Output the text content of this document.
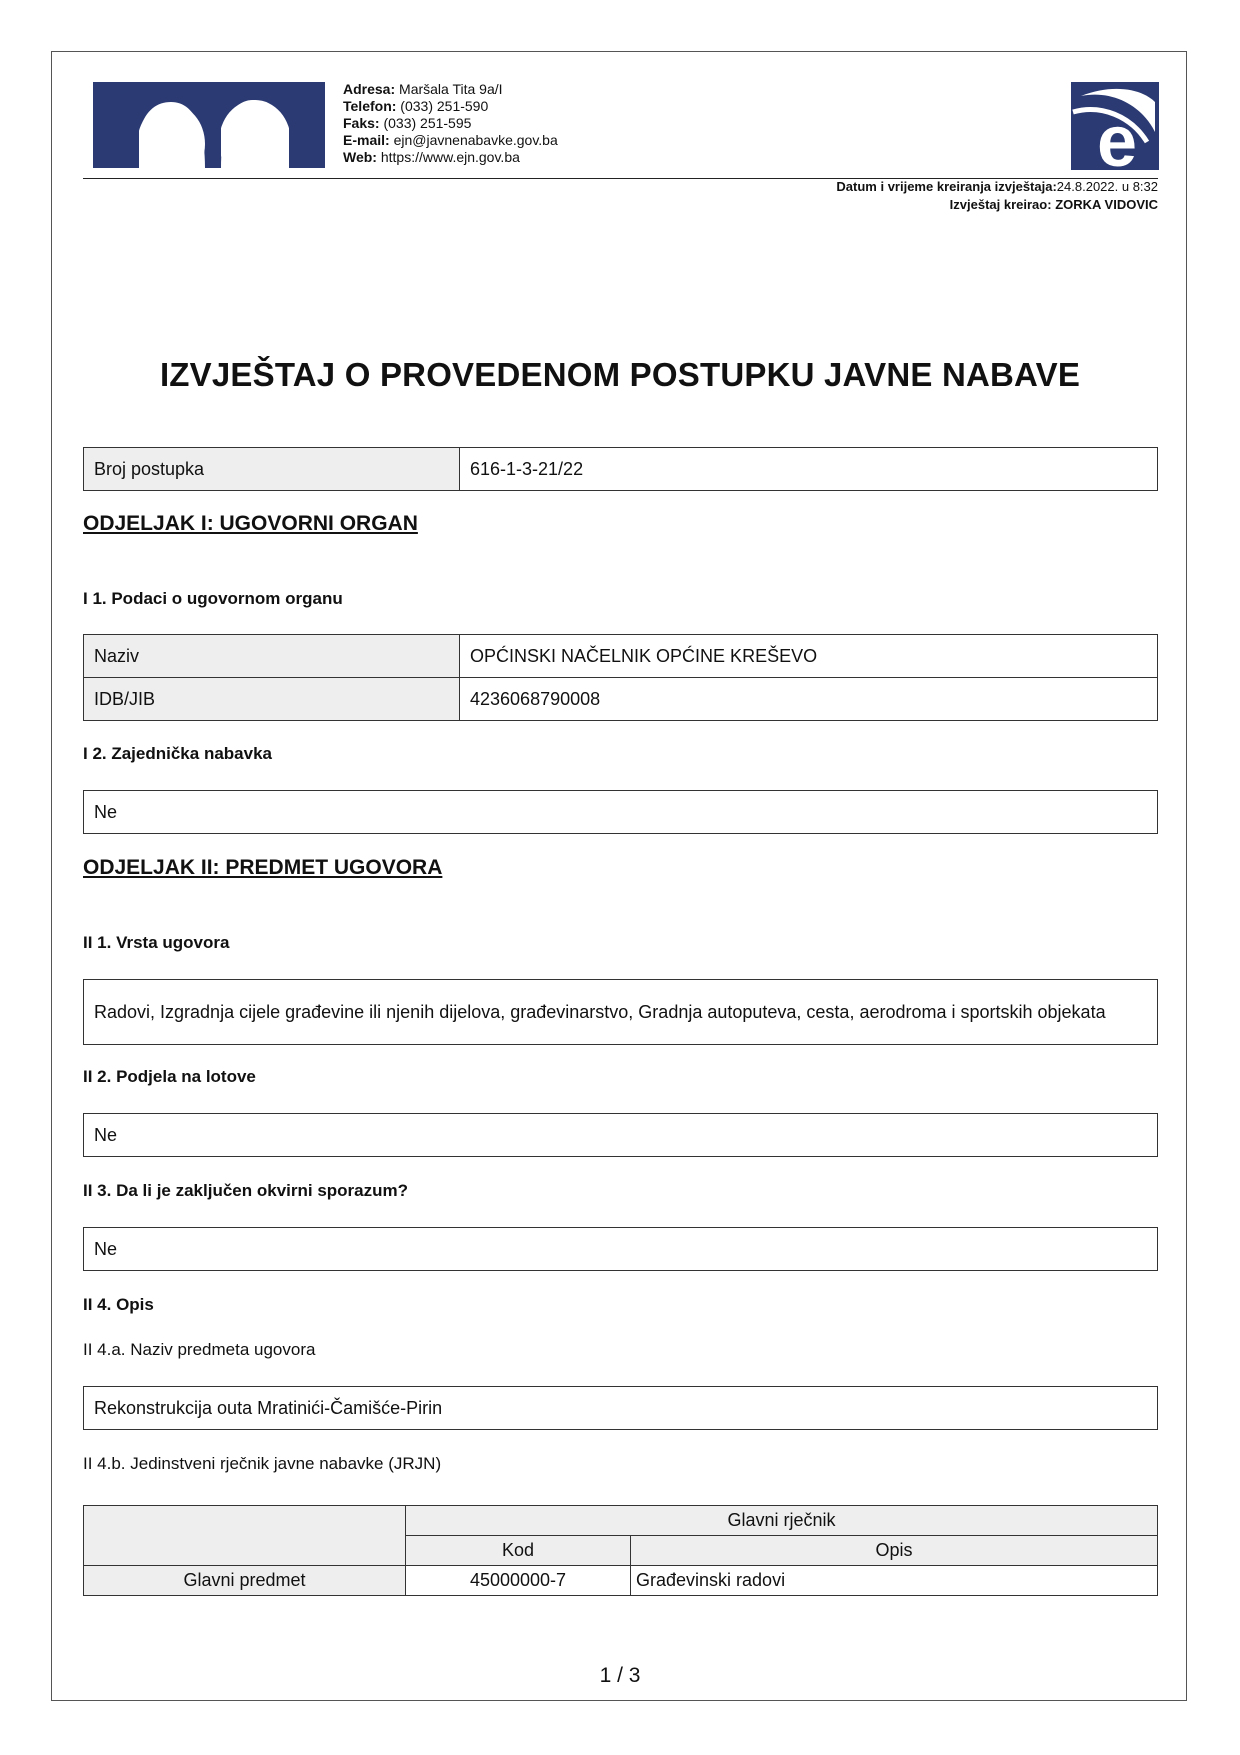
Adresa: Maršala Tita 9a/I
Telefon: (033) 251-590
Faks: (033) 251-595
E-mail: ejn@javnenabavke.gov.ba
Web: https://www.ejn.gov.ba	e
Datum i vrijeme kreiranja izvještaja:24.8.2022. u 8:32
Izvještaj kreirao: ZORKA VIDOVIC
IZVJEŠTAJ O PROVEDENOM POSTUPKU JAVNE NABAVE
Broj postupka	616-1-3-21/22
ODJELJAK I: UGOVORNI ORGAN
I 1. Podaci o ugovornom organu
Naziv	OPĆINSKI NAČELNIK OPĆINE KREŠEVO
IDB/JIB	4236068790008
I 2. Zajednička nabavka
Ne
ODJELJAK II: PREDMET UGOVORA
II 1. Vrsta ugovora
Radovi, Izgradnja cijele građevine ili njenih dijelova, građevinarstvo, Gradnja autoputeva, cesta, aerodroma i sportskih objekata
II 2. Podjela na lotove
Ne
II 3. Da li je zaključen okvirni sporazum?
Ne
II 4. Opis
II 4.a. Naziv predmeta ugovora
Rekonstrukcija outa Mratinići-Čamišće-Pirin
II 4.b. Jedinstveni rječnik javne nabavke (JRJN)
	Glavni rječnik	
	Kod	Opis
Glavni predmet	45000000-7	Građevinski radovi
1 / 3
